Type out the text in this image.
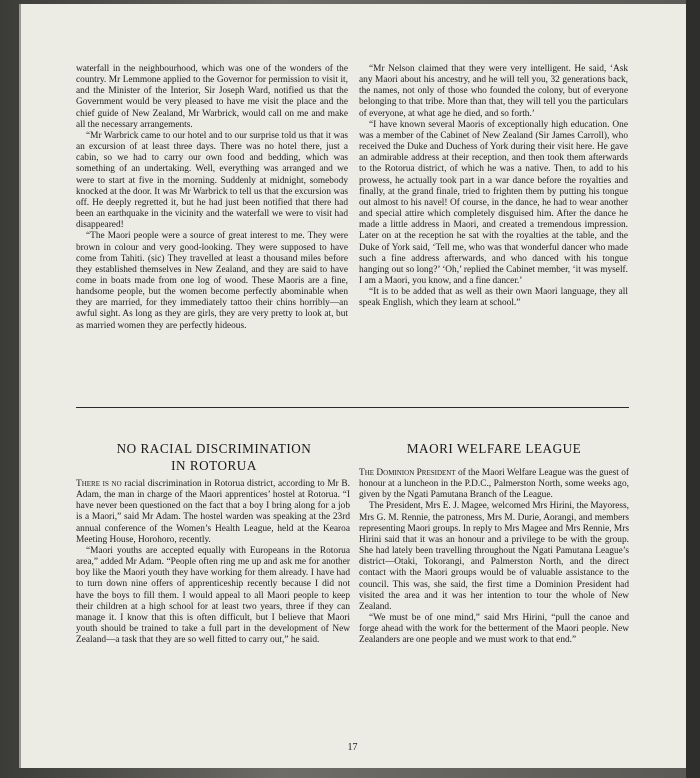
waterfall in the neighbourhood, which was one of the wonders of the country. Mr Lemmone applied to the Governor for permission to visit it, and the Minister of the Interior, Sir Joseph Ward, notified us that the Government would be very pleased to have me visit the place and the chief guide of New Zealand, Mr Warbrick, would call on me and make all the necessary arrangements.

“Mr Warbrick came to our hotel and to our surprise told us that it was an excursion of at least three days. There was no hotel there, just a cabin, so we had to carry our own food and bedding, which was something of an undertaking. Well, everything was arranged and we were to start at five in the morning. Suddenly at midnight, somebody knocked at the door. It was Mr Warbrick to tell us that the excursion was off. He deeply regretted it, but he had just been notified that there had been an earthquake in the vicinity and the waterfall we were to visit had disappeared!

“The Maori people were a source of great interest to me. They were brown in colour and very good-looking. They were supposed to have come from Tahiti. (sic) They travelled at least a thousand miles before they established themselves in New Zealand, and they are said to have come in boats made from one log of wood. These Maoris are a fine, handsome people, but the women become perfectly abominable when they are married, for they immediately tattoo their chins horribly—an awful sight. As long as they are girls, they are very pretty to look at, but as married women they are perfectly hideous.

“Mr Nelson claimed that they were very intelligent. He said, ‘Ask any Maori about his ancestry, and he will tell you, 32 generations back, the names, not only of those who founded the colony, but of everyone belonging to that tribe. More than that, they will tell you the particulars of everyone, at what age he died, and so forth.’

“I have known several Maoris of exceptionally high education. One was a member of the Cabinet of New Zealand (Sir James Carroll), who received the Duke and Duchess of York during their visit here. He gave an admirable address at their reception, and then took them afterwards to the Rotorua district, of which he was a native. Then, to add to his prowess, he actually took part in a war dance before the royalties and finally, at the grand finale, tried to frighten them by putting his tongue out almost to his navel! Of course, in the dance, he had to wear another and special attire which completely disguised him. After the dance he made a little address in Maori, and created a tremendous impression. Later on at the reception he sat with the royalties at the table, and the Duke of York said, ‘Tell me, who was that wonderful dancer who made such a fine address afterwards, and who danced with his tongue hanging out so long?’ ‘Oh,’ replied the Cabinet member, ‘it was myself. I am a Maori, you know, and a fine dancer.’

“It is to be added that as well as their own Maori language, they all speak English, which they learn at school.”

NO RACIAL DISCRIMINATION
IN ROTORUA
MAORI WELFARE LEAGUE

There is no racial discrimination in Rotorua district, according to Mr B. Adam, the man in charge of the Maori apprentices’ hostel at Rotorua. “I have never been questioned on the fact that a boy I bring along for a job is a Maori,” said Mr Adam. The hostel warden was speaking at the 23rd annual conference of the Women’s Health League, held at the Kearoa Meeting House, Horohoro, recently.

“Maori youths are accepted equally with Europeans in the Rotorua area,” added Mr Adam. “People often ring me up and ask me for another boy like the Maori youth they have working for them already. I have had to turn down nine offers of apprenticeship recently because I did not have the boys to fill them. I would appeal to all Maori people to keep their children at a high school for at least two years, three if they can manage it. I know that this is often difficult, but I believe that Maori youth should be trained to take a full part in the development of New Zealand—a task that they are so well fitted to carry out,” he said.

The Dominion President of the Maori Welfare League was the guest of honour at a luncheon in the P.D.C., Palmerston North, some weeks ago, given by the Ngati Pamutana Branch of the League.

The President, Mrs E. J. Magee, welcomed Mrs Hirini, the Mayoress, Mrs G. M. Rennie, the patroness, Mrs M. Durie, Aorangi, and members representing Maori groups. In reply to Mrs Magee and Mrs Rennie, Mrs Hirini said that it was an honour and a privilege to be with the group. She had lately been travelling throughout the Ngati Pamutana League’s district—Otaki, Tokorangi, and Palmerston North, and the direct contact with the Maori groups would be of valuable assistance to the council. This was, she said, the first time a Dominion President had visited the area and it was her intention to tour the whole of New Zealand.

“We must be of one mind,” said Mrs Hirini, “pull the canoe and forge ahead with the work for the betterment of the Maori people. New Zealanders are one people and we must work to that end.”

17
